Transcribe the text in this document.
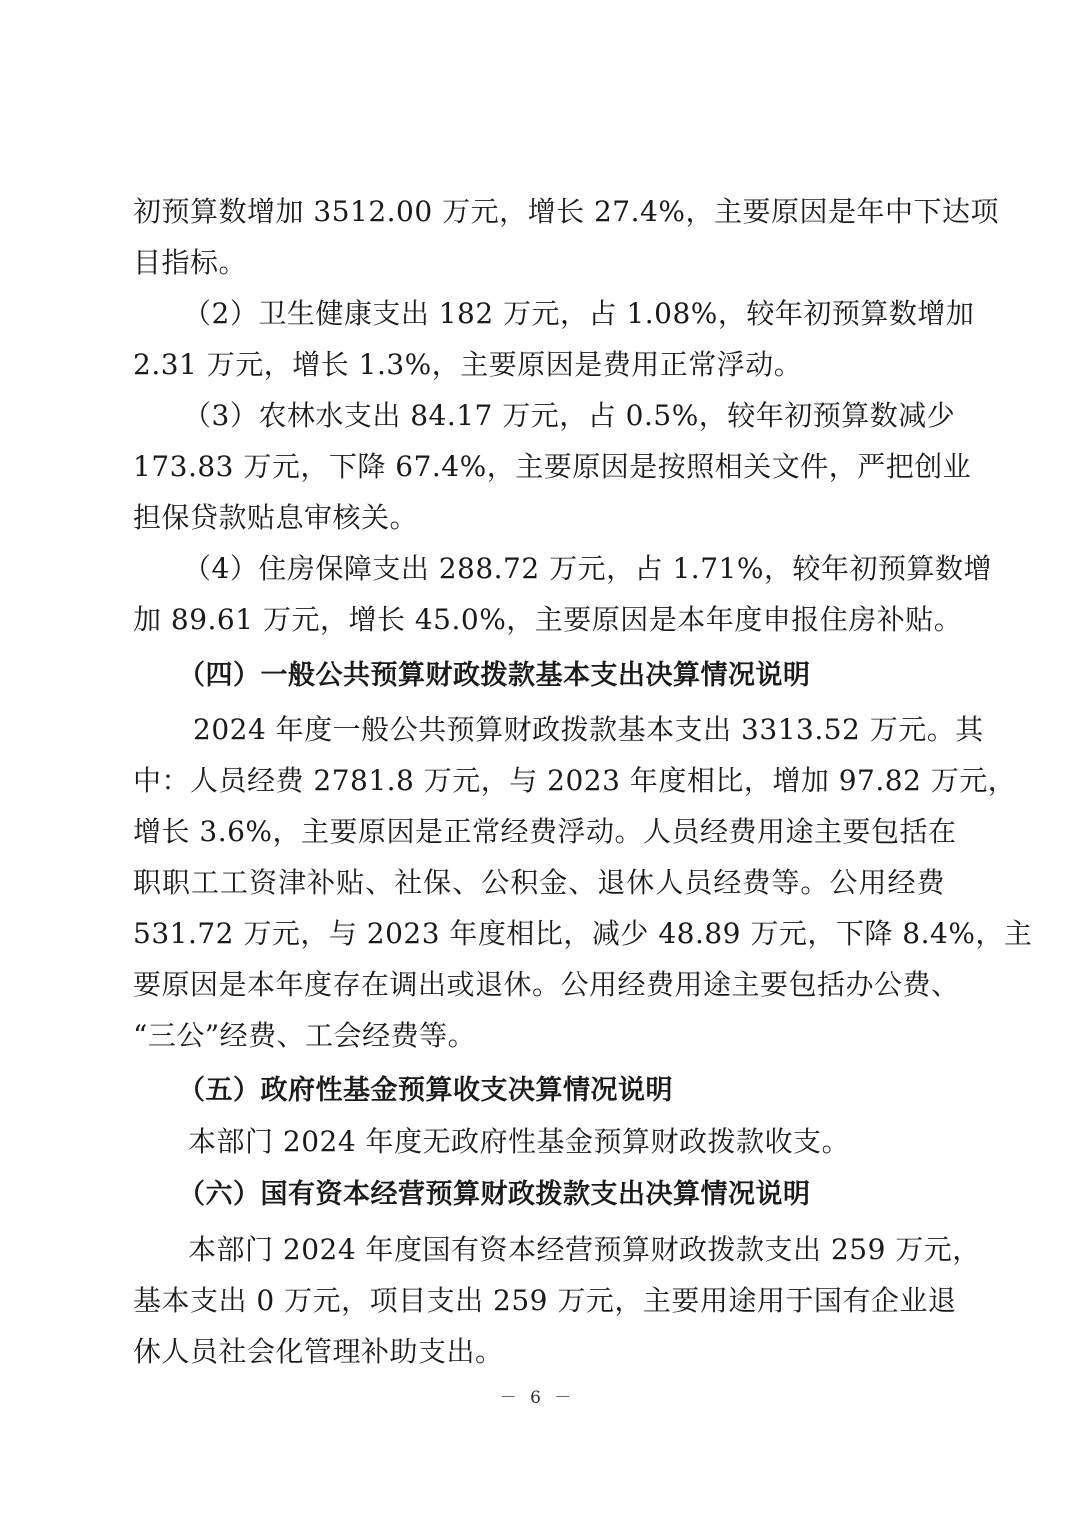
初预算数增加 3512.00 万元，增长 27.4%，主要原因是年中下达项
目指标。
（2）卫生健康支出 182 万元，占 1.08%，较年初预算数增加
2.31 万元，增长 1.3%，主要原因是费用正常浮动。
（3）农林水支出 84.17 万元，占 0.5%，较年初预算数减少
173.83 万元，下降 67.4%，主要原因是按照相关文件，严把创业
担保贷款贴息审核关。
（4）住房保障支出 288.72 万元，占 1.71%，较年初预算数增
加 89.61 万元，增长 45.0%，主要原因是本年度申报住房补贴。
（四）一般公共预算财政拨款基本支出决算情况说明
2024 年度一般公共预算财政拨款基本支出 3313.52 万元。其
中：人员经费 2781.8 万元，与 2023 年度相比，增加 97.82 万元，
增长 3.6%，主要原因是正常经费浮动。人员经费用途主要包括在
职职工工资津补贴、社保、公积金、退休人员经费等。公用经费
531.72 万元，与 2023 年度相比，减少 48.89 万元，下降 8.4%，主
要原因是本年度存在调出或退休。公用经费用途主要包括办公费、
“三公”经费、工会经费等。
（五）政府性基金预算收支决算情况说明
本部门 2024 年度无政府性基金预算财政拨款收支。
（六）国有资本经营预算财政拨款支出决算情况说明
本部门 2024 年度国有资本经营预算财政拨款支出 259 万元，
基本支出 0 万元，项目支出 259 万元，主要用途用于国有企业退
休人员社会化管理补助支出。
－ 6 －
